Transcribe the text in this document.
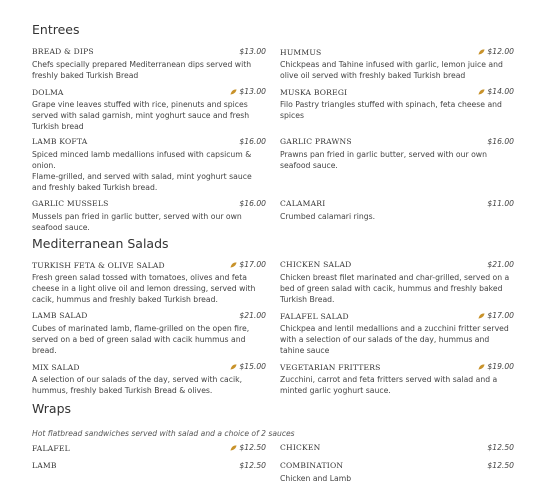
Entrees
BREAD & DIPS	$13.00
Chefs specially prepared Mediterranean dips served with freshly baked Turkish Bread
HUMMUS	$12.00
Chickpeas and Tahine infused with garlic, lemon juice and olive oil served with freshly baked Turkish bread
DOLMA	$13.00
Grape vine leaves stuffed with rice, pinenuts and spices served with salad garnish, mint yoghurt sauce and fresh Turkish bread
MUSKA BOREGI	$14.00
Filo Pastry triangles stuffed with spinach, feta cheese and spices
LAMB KOFTA	$16.00
Spiced minced lamb medallions infused with capsicum & onion.
Flame-grilled, and served with salad, mint yoghurt sauce and freshly baked Turkish bread.
GARLIC PRAWNS	$16.00
Prawns pan fried in garlic butter, served with our own seafood sauce.
GARLIC MUSSELS	$16.00
Mussels pan fried in garlic butter, served with our own seafood sauce.
CALAMARI	$11.00
Crumbed calamari rings.
Mediterranean Salads
TURKISH FETA & OLIVE SALAD	$17.00
Fresh green salad tossed with tomatoes, olives and feta cheese in a light olive oil and lemon dressing, served with cacik, hummus and freshly baked Turkish bread.
CHICKEN SALAD	$21.00
Chicken breast filet marinated and char-grilled, served on a bed of green salad with cacik, hummus and freshly baked Turkish Bread.
LAMB SALAD	$21.00
Cubes of marinated lamb, flame-grilled on the open fire, served on a bed of green salad with cacik hummus and bread.
FALAFEL SALAD	$17.00
Chickpea and lentil medallions and a zucchini fritter served with a selection of our salads of the day, hummus and tahine sauce
MIX SALAD	$15.00
A selection of our salads of the day, served with cacik, hummus, freshly baked Turkish Bread & olives.
VEGETARIAN FRITTERS	$19.00
Zucchini, carrot and feta fritters served with salad and a minted garlic yoghurt sauce.
Wraps
Hot flatbread sandwiches served with salad and a choice of 2 sauces
FALAFEL	$12.50 CHICKEN	$12.50
LAMB	$12.50 COMBINATION	$12.50
Chicken and Lamb
